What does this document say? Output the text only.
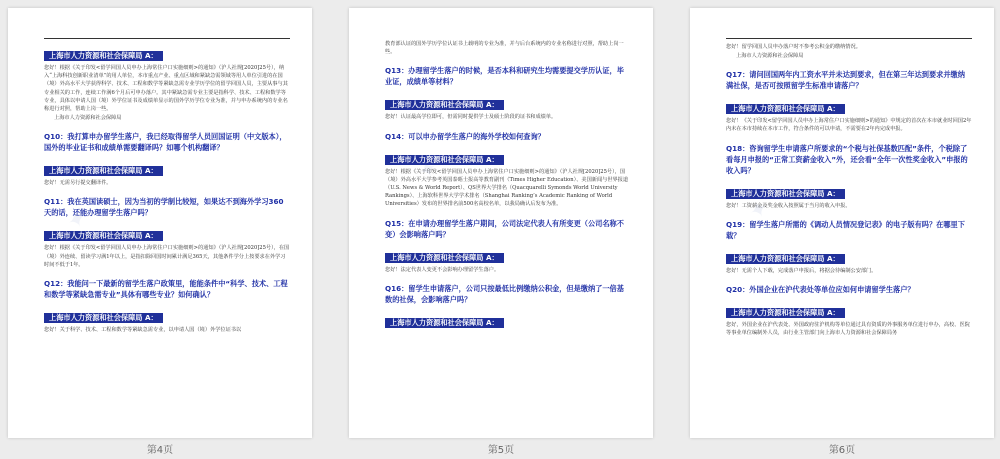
✦
上海市人力资源和社会保障局 A：

您好！根据《关于印发<留学回国人员申办上海常住户口实施细则>的通知》（沪人社规[2020]25号），纳入“上海科技创新职业清单”的用人单位，本市重点产业、重点区域和紧缺急需领域等用人单位引进的在国（境）外高水平大学获得科学、技术、工程和数学等紧缺急需专业学历学位的留学回国人员，主要从事与其专业相关的工作，连续工作满6个月后可申办落户。其中紧缺急需专业主要是指科学、技术、工程和数学等专业，具体以申请人国（境）外学位证书及成绩单显示的国外学历学位专业为准，并与申办系统内的专业名称进行对照，帮助上岗一些。

上海市人力资源和社会保障局

Q10：我打算申办留学生落户，我已经取得留学人员回国证明（中文版本），国外的毕业证书和成绩单需要翻译吗？如哪个机构翻译？
上海市人力资源和社会保障局 A：

您好！无需另行提交翻译件。

Q11：我在英国读硕士，因为当初的学制比较短，如果达不到海外学习360天的话，还能办理留学生落户吗？
上海市人力资源和社会保障局 A：

您好！根据《关于印发<留学回国人员申办上海常住户口实施细则>的通知》（沪人社规[2020]25号），在国（境）外连续、留读学习满1年以上，是指扣除回国时间累计满足365天，其他条件学分上按要求在外学习时间不低于1年。

Q12：我能问一下最新的留学生落户政策里，能能条件中“科学、技术、工程和数学等紧缺急需专业”具体有哪些专业？如何确认？
上海市人力资源和社会保障局 A：

您好！关于科学、技术、工程和数学等紧缺急需专业，以申请人国（境）外学位证书以

第4页
✦

教育部认证的国外学历学位认证书上载明的专业为准，并与后台系统内的专业名称进行对照，帮助上岗一些。

Q13：办理留学生落户的时候，是否本科和研究生均需要提交学历认证，毕业证，成绩单等材料？
上海市人力资源和社会保障局 A：

您好！认证最高学位即可，但需同时提供学士及硕士阶段的证书和成绩单。

Q14：可以申办留学生落户的海外学校如何查询？
上海市人力资源和社会保障局 A：

您好！根据《关于印发<留学回国人员申办上海常住户口实施细则>的通知》（沪人社规[2020]25号），国（境）外高水平大学参考英国泰晤士报高等教育副刊（Times Higher Education）、美国新闻与世界报道（U.S. News & World Report）、QS世界大学排名（Quacquarelli Symonds World University Rankings）、上海软科世界大学学术排名（Shanghai Ranking’s Academic Ranking of World Universities）发布的世界排名前500名高校名单，以我局确认后发布为准。

Q15：在申请办理留学生落户期间，公司法定代表人有所变更（公司名称不变）会影响落户吗？
上海市人力资源和社会保障局 A：

您好！法定代表人变更不会影响办理留学生落户。

Q16：留学生申请落户，公司只按最低比例缴纳公积金，但是缴纳了一倍基数的社保，会影响落户吗？
上海市人力资源和社会保障局 A：
第5页
✦

您好！留学回国人员申办落户时不参考公积金的缴纳情况。

上海市人力资源和社会保障局

Q17：请问回国两年内工资水平并未达到要求，但在第三年达到要求并缴纳满社保，是否可按照留学生标准申请落户？
上海市人力资源和社会保障局 A：

您好！《关于印发<留学回国人员申办上海常住户口实施细则>的通知》中规定的首次在本市就业时回国2年内未在本市持续在本市工作，符合条件的可以申请，不需要在2年内完成申报。

Q18：咨询留学生申请落户所要求的“个税与社保基数匹配”条件，个税除了看每月申报的“正常工资薪金收入”外，还会看“全年一次性奖金收入”申报的收入吗？
上海市人力资源和社会保障局 A：

您好！工资薪金及奖金收入按照属于当月的收入申报。

Q19：留学生落户所需的《调动人员情况登记表》的电子版有吗？在哪里下载？
上海市人力资源和社会保障局 A：

您好！无需个人下载，完成落户申报后，将据会待编制公安部门。

Q20：外国企业在沪代表处等单位应如何申请留学生落户？
上海市人力资源和社会保障局 A：

您好，外国企业在沪代表处、外国政府驻沪机构等单位通过具有资质的外事服务单位进行申办，高校、医院等事业单位编制外人员，由行业主管部门向上海市人力资源和社会保障局务

第6页
